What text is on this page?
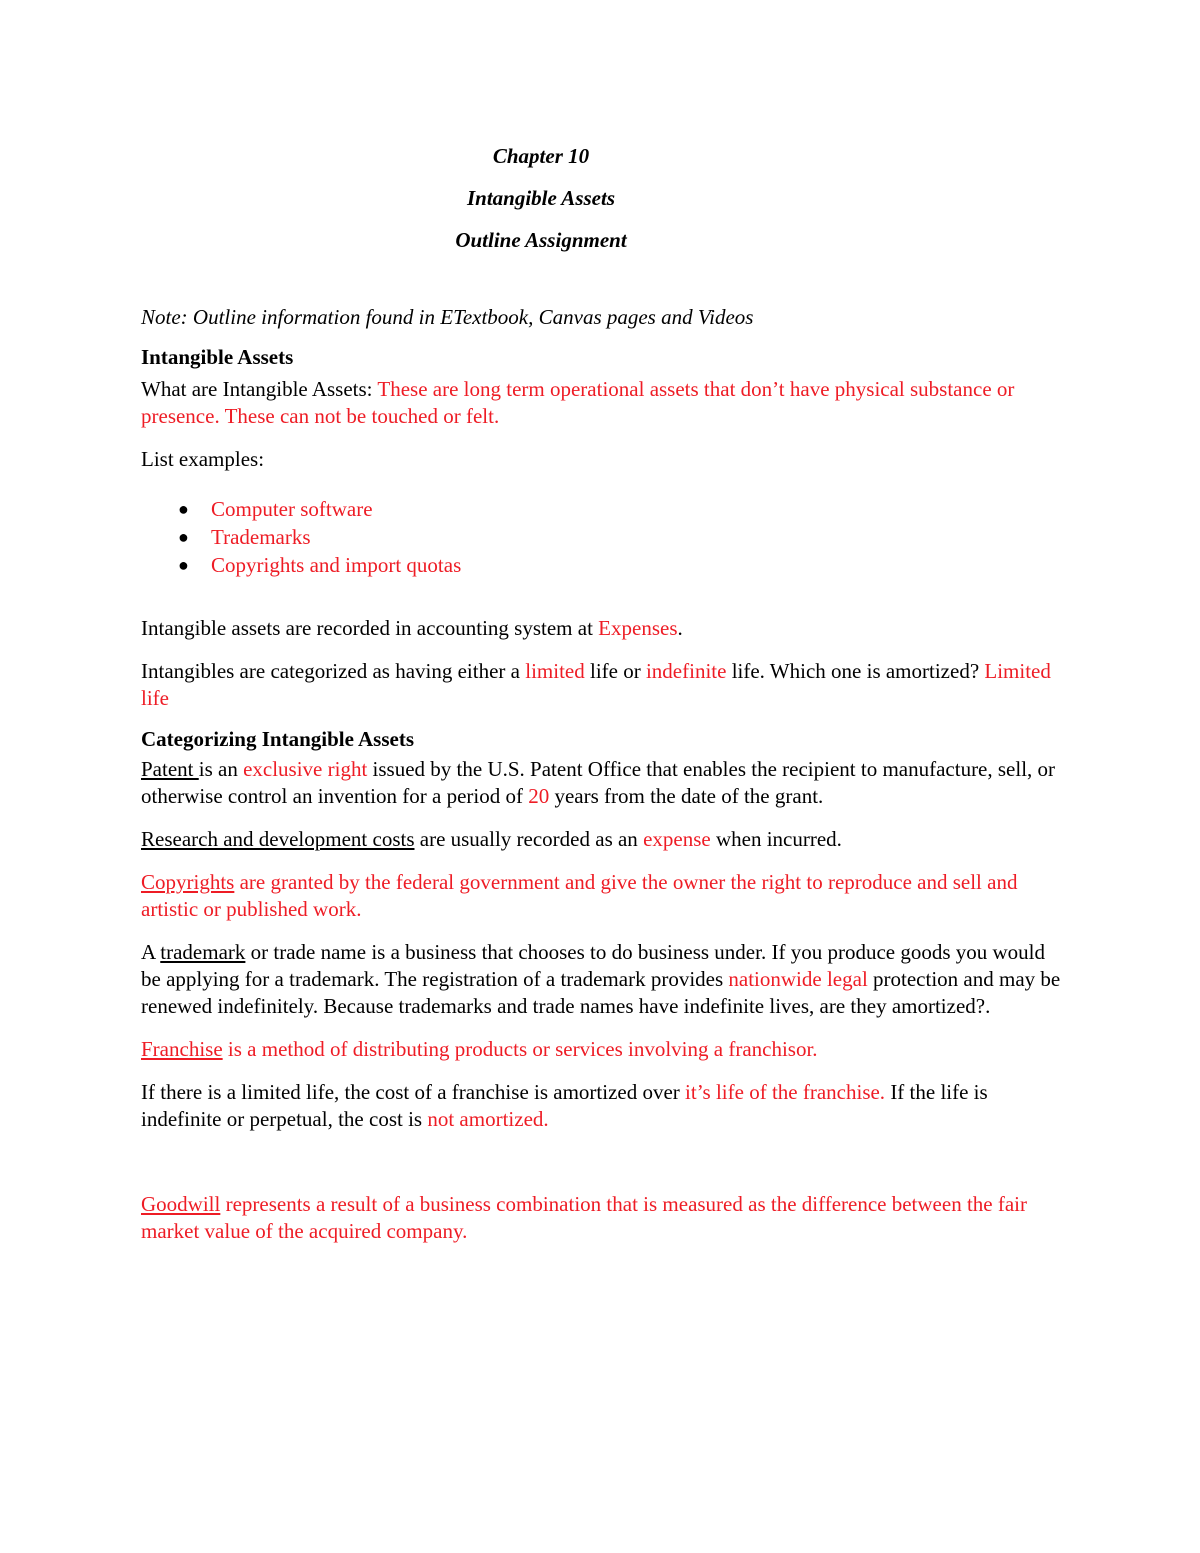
Chapter 10
Intangible Assets
Outline Assignment

Note: Outline information found in ETextbook, Canvas pages and Videos

Intangible Assets

What are Intangible Assets: These are long term operational assets that don’t have physical substance or presence. These can not be touched or felt.

List examples:

● Computer software
● Trademarks
● Copyrights and import quotas

Intangible assets are recorded in accounting system at Expenses.

Intangibles are categorized as having either a limited life or indefinite life. Which one is amortized? Limited life

Categorizing Intangible Assets

Patent is an exclusive right issued by the U.S. Patent Office that enables the recipient to manufacture, sell, or otherwise control an invention for a period of 20 years from the date of the grant.

Research and development costs are usually recorded as an expense when incurred.

Copyrights are granted by the federal government and give the owner the right to reproduce and sell and artistic or published work.

A trademark or trade name is a business that chooses to do business under. If you produce goods you would be applying for a trademark. The registration of a trademark provides nationwide legal protection and may be renewed indefinitely. Because trademarks and trade names have indefinite lives, are they amortized?.

Franchise is a method of distributing products or services involving a franchisor.

If there is a limited life, the cost of a franchise is amortized over it’s life of the franchise. If the life is indefinite or perpetual, the cost is not amortized.

Goodwill represents a result of a business combination that is measured as the difference between the fair market value of the acquired company.
